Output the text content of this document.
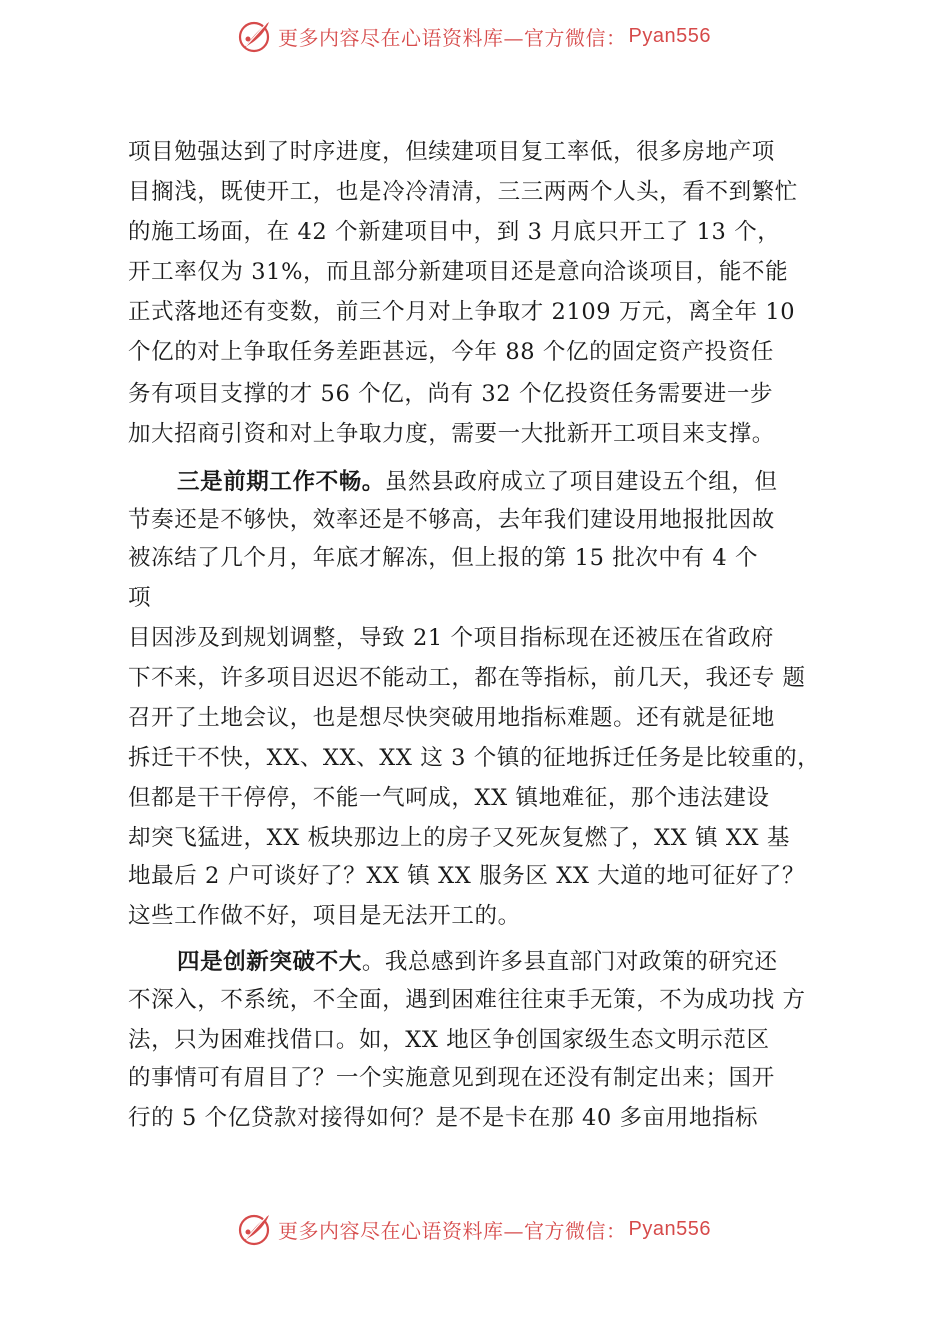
更多内容尽在心语资料库—官方微信： Pyan556
项目勉强达到了时序进度，但续建项目复工率低，很多房地产项
目搁浅，既使开工，也是冷冷清清，三三两两个人头，看不到繁忙
的施工场面，在 42 个新建项目中，到 3 月底只开工了 13 个，
开工率仅为 31%，而且部分新建项目还是意向洽谈项目，能不能
正式落地还有变数，前三个月对上争取才 2109 万元，离全年 10
个亿的对上争取任务差距甚远，今年 88 个亿的固定资产投资任
务有项目支撑的才 56 个亿，尚有 32 个亿投资任务需要进一步
加大招商引资和对上争取力度，需要一大批新开工项目来支撑。
三是前期工作不畅。虽然县政府成立了项目建设五个组，但
节奏还是不够快，效率还是不够高，去年我们建设用地报批因故
被冻结了几个月，年底才解冻，但上报的第 15 批次中有 4 个
项
目因涉及到规划调整，导致 21 个项目指标现在还被压在省政府
下不来，许多项目迟迟不能动工，都在等指标，前几天，我还专 题
召开了土地会议，也是想尽快突破用地指标难题。还有就是征地
拆迁干不快，XX、XX、XX 这 3 个镇的征地拆迁任务是比较重的，
但都是干干停停，不能一气呵成，XX 镇地难征，那个违法建设
却突飞猛进，XX 板块那边上的房子又死灰复燃了，XX 镇 XX 基
地最后 2 户可谈好了？XX 镇 XX 服务区 XX 大道的地可征好了？
这些工作做不好，项目是无法开工的。
四是创新突破不大。我总感到许多县直部门对政策的研究还
不深入，不系统，不全面，遇到困难往往束手无策，不为成功找 方
法，只为困难找借口。如，XX 地区争创国家级生态文明示范区
的事情可有眉目了？一个实施意见到现在还没有制定出来；国开
行的 5 个亿贷款对接得如何？是不是卡在那 40 多亩用地指标
更多内容尽在心语资料库—官方微信： Pyan556
